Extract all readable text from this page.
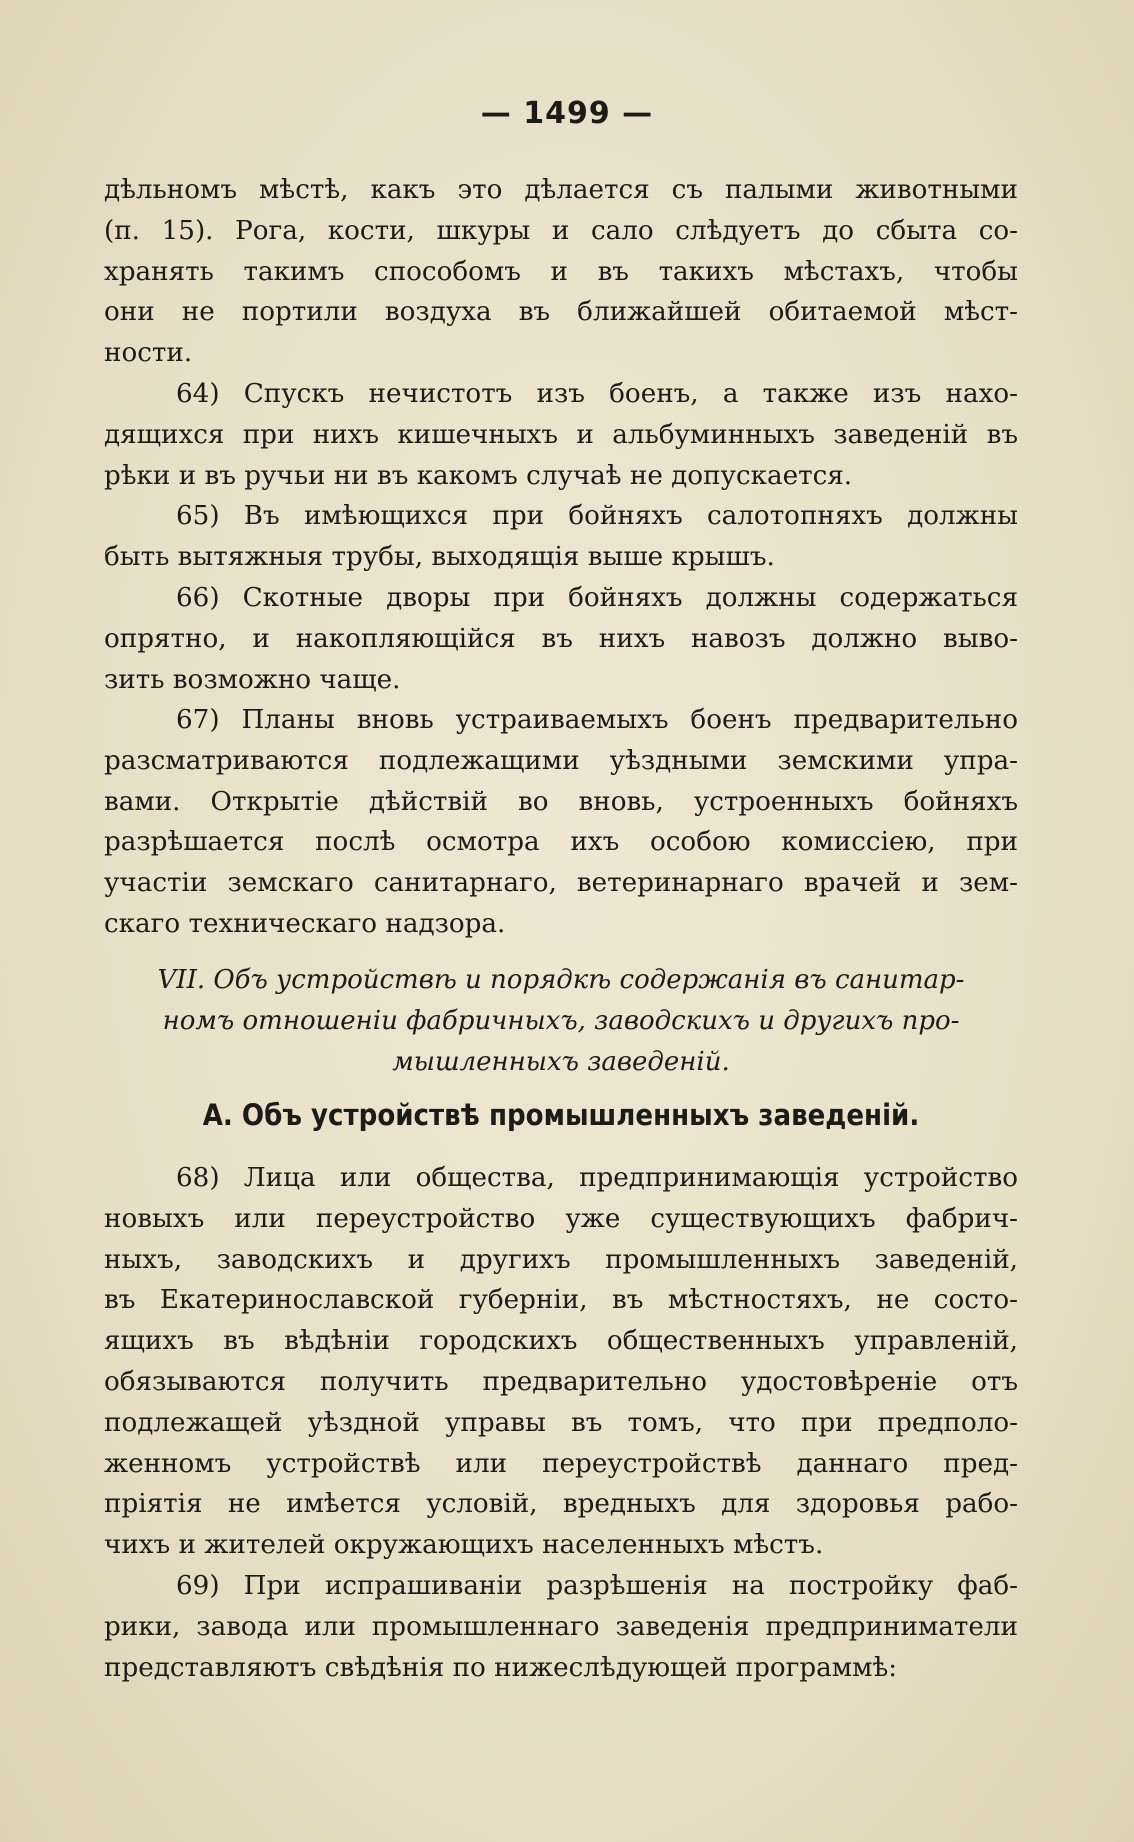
— 1499 —

дѣльномъ мѣстѣ, какъ это дѣлается съ палыми животными
(п. 15). Рога, кости, шкуры и сало слѣдуетъ до сбыта со-
хранять такимъ способомъ и въ такихъ мѣстахъ, чтобы
они не портили воздуха въ ближайшей обитаемой мѣст-
ности.

64) Спускъ нечистотъ изъ боенъ, а также изъ нахо-
дящихся при нихъ кишечныхъ и альбуминныхъ заведеній въ
рѣки и въ ручьи ни въ какомъ случаѣ не допускается.

65) Въ имѣющихся при бойняхъ салотопняхъ должны
быть вытяжныя трубы, выходящія выше крышъ.

66) Скотные дворы при бойняхъ должны содержаться
опрятно, и накопляющійся въ нихъ навозъ должно выво-
зить возможно чаще.

67) Планы вновь устраиваемыхъ боенъ предварительно
разсматриваются подлежащими уѣздными земскими упра-
вами. Открытіе дѣйствій во вновь, устроенныхъ бойняхъ
разрѣшается послѣ осмотра ихъ особою комиссіею, при
участіи земскаго санитарнаго, ветеринарнаго врачей и зем-
скаго техническаго надзора.

VII. Объ устройствѣ и порядкѣ содержанія въ санитар-
номъ отношеніи фабричныхъ, заводскихъ и другихъ про-
мышленныхъ заведеній.
А. Объ устройствѣ промышленныхъ заведеній.

68) Лица или общества, предпринимающія устройство
новыхъ или переустройство уже существующихъ фабрич-
ныхъ, заводскихъ и другихъ промышленныхъ заведеній,
въ Екатеринославской губерніи, въ мѣстностяхъ, не состо-
ящихъ въ вѣдѣніи городскихъ общественныхъ управленій,
обязываются получить предварительно удостовѣреніе отъ
подлежащей уѣздной управы въ томъ, что при предполо-
женномъ устройствѣ или переустройствѣ даннаго пред-
пріятія не имѣется условій, вредныхъ для здоровья рабо-
чихъ и жителей окружающихъ населенныхъ мѣстъ.

69) При испрашиваніи разрѣшенія на постройку фаб-
рики, завода или промышленнаго заведенія предприниматели
представляютъ свѣдѣнія по нижеслѣдующей программѣ:
